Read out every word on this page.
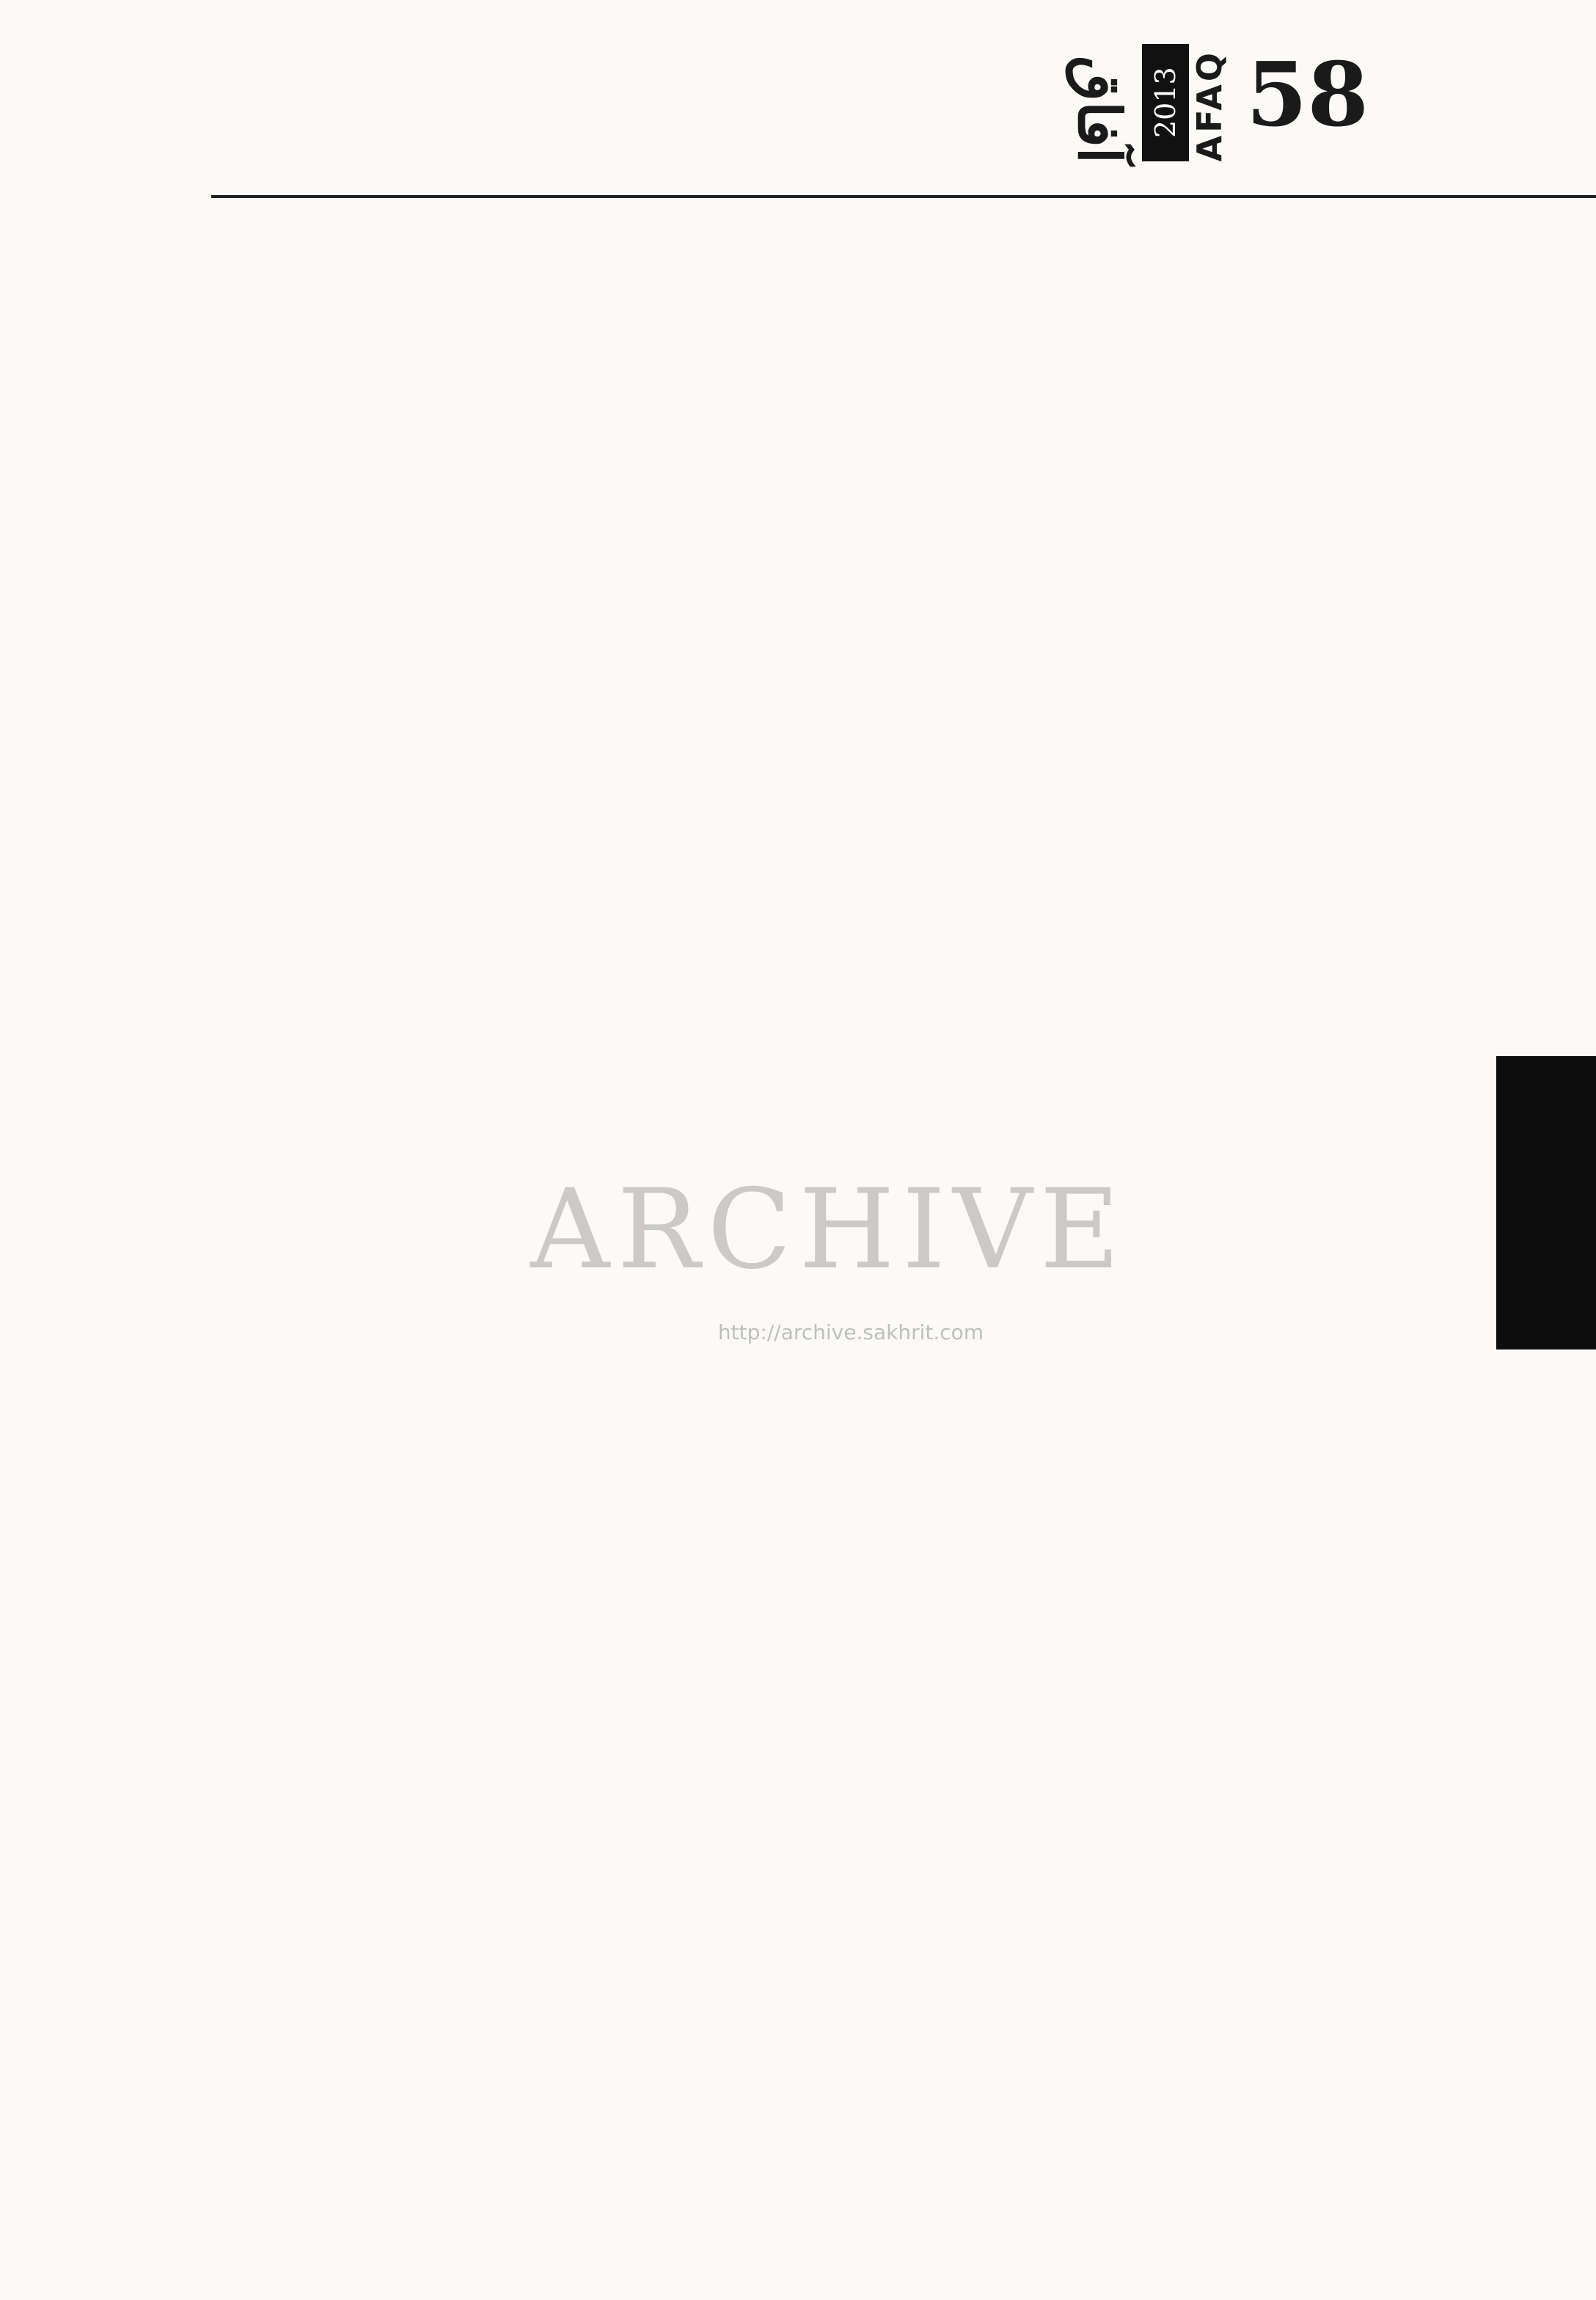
58
AFAQ
2013
آفاق
ARCHIVE
http://archive.sakhrit.com
